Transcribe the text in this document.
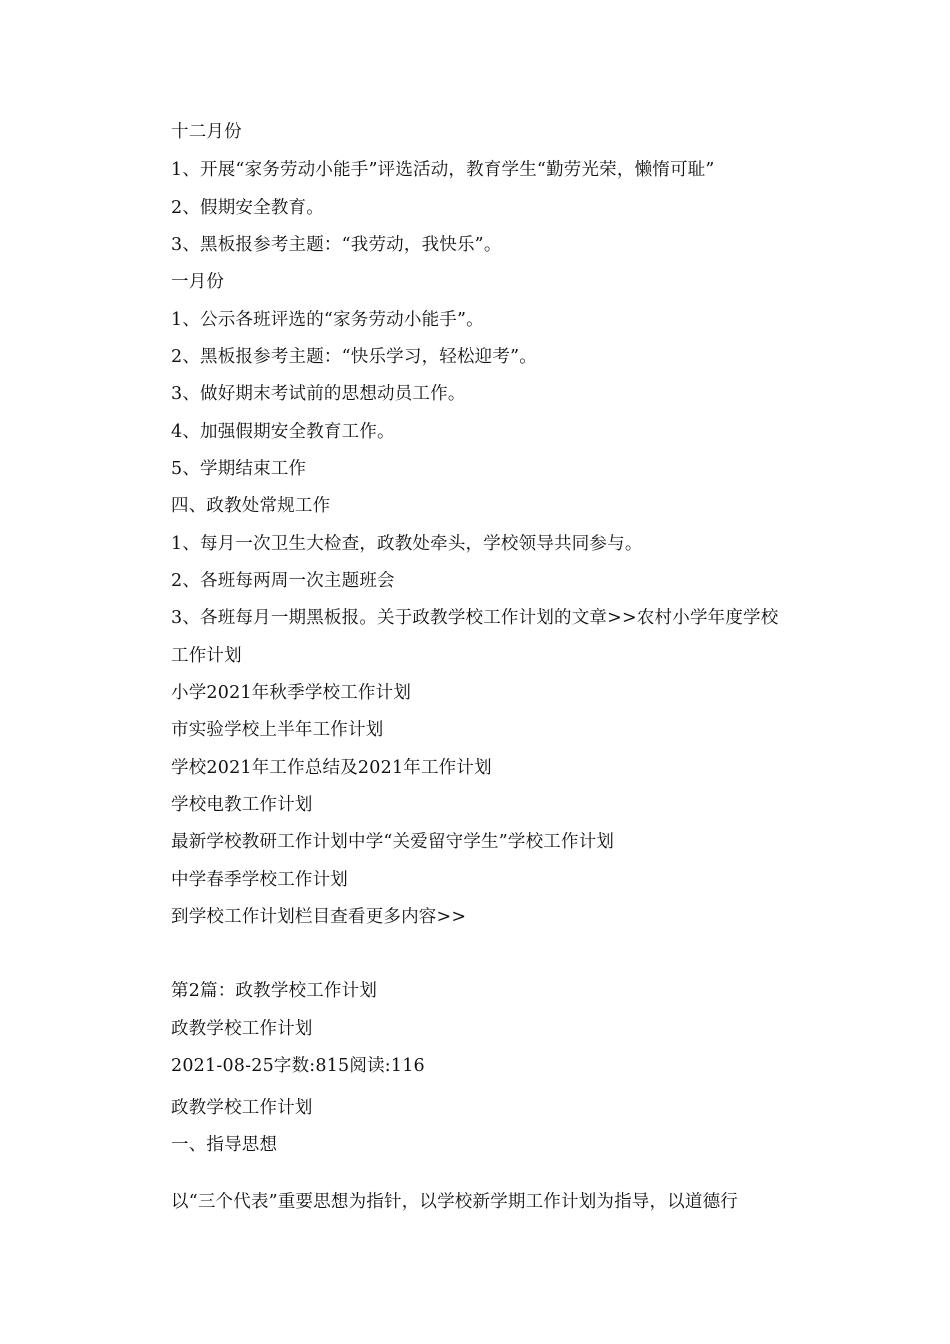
十二月份

1、开展“家务劳动小能手”评选活动，教育学生“勤劳光荣，懒惰可耻”

2、假期安全教育。

3、黑板报参考主题：“我劳动，我快乐”。

一月份

1、公示各班评选的“家务劳动小能手”。

2、黑板报参考主题：“快乐学习，轻松迎考”。

3、做好期末考试前的思想动员工作。

4、加强假期安全教育工作。

5、学期结束工作

四、政教处常规工作

1、每月一次卫生大检查，政教处牵头，学校领导共同参与。

2、各班每两周一次主题班会

3、各班每月一期黑板报。关于政教学校工作计划的文章>>农村小学年度学校

工作计划

小学2021年秋季学校工作计划

市实验学校上半年工作计划

学校2021年工作总结及2021年工作计划

学校电教工作计划

最新学校教研工作计划中学“关爱留守学生”学校工作计划

中学春季学校工作计划

到学校工作计划栏目查看更多内容>>

第2篇：政教学校工作计划

政教学校工作计划

2021-08-25字数:815阅读:116

政教学校工作计划

一、指导思想

以“三个代表”重要思想为指针，以学校新学期工作计划为指导，以道德行
